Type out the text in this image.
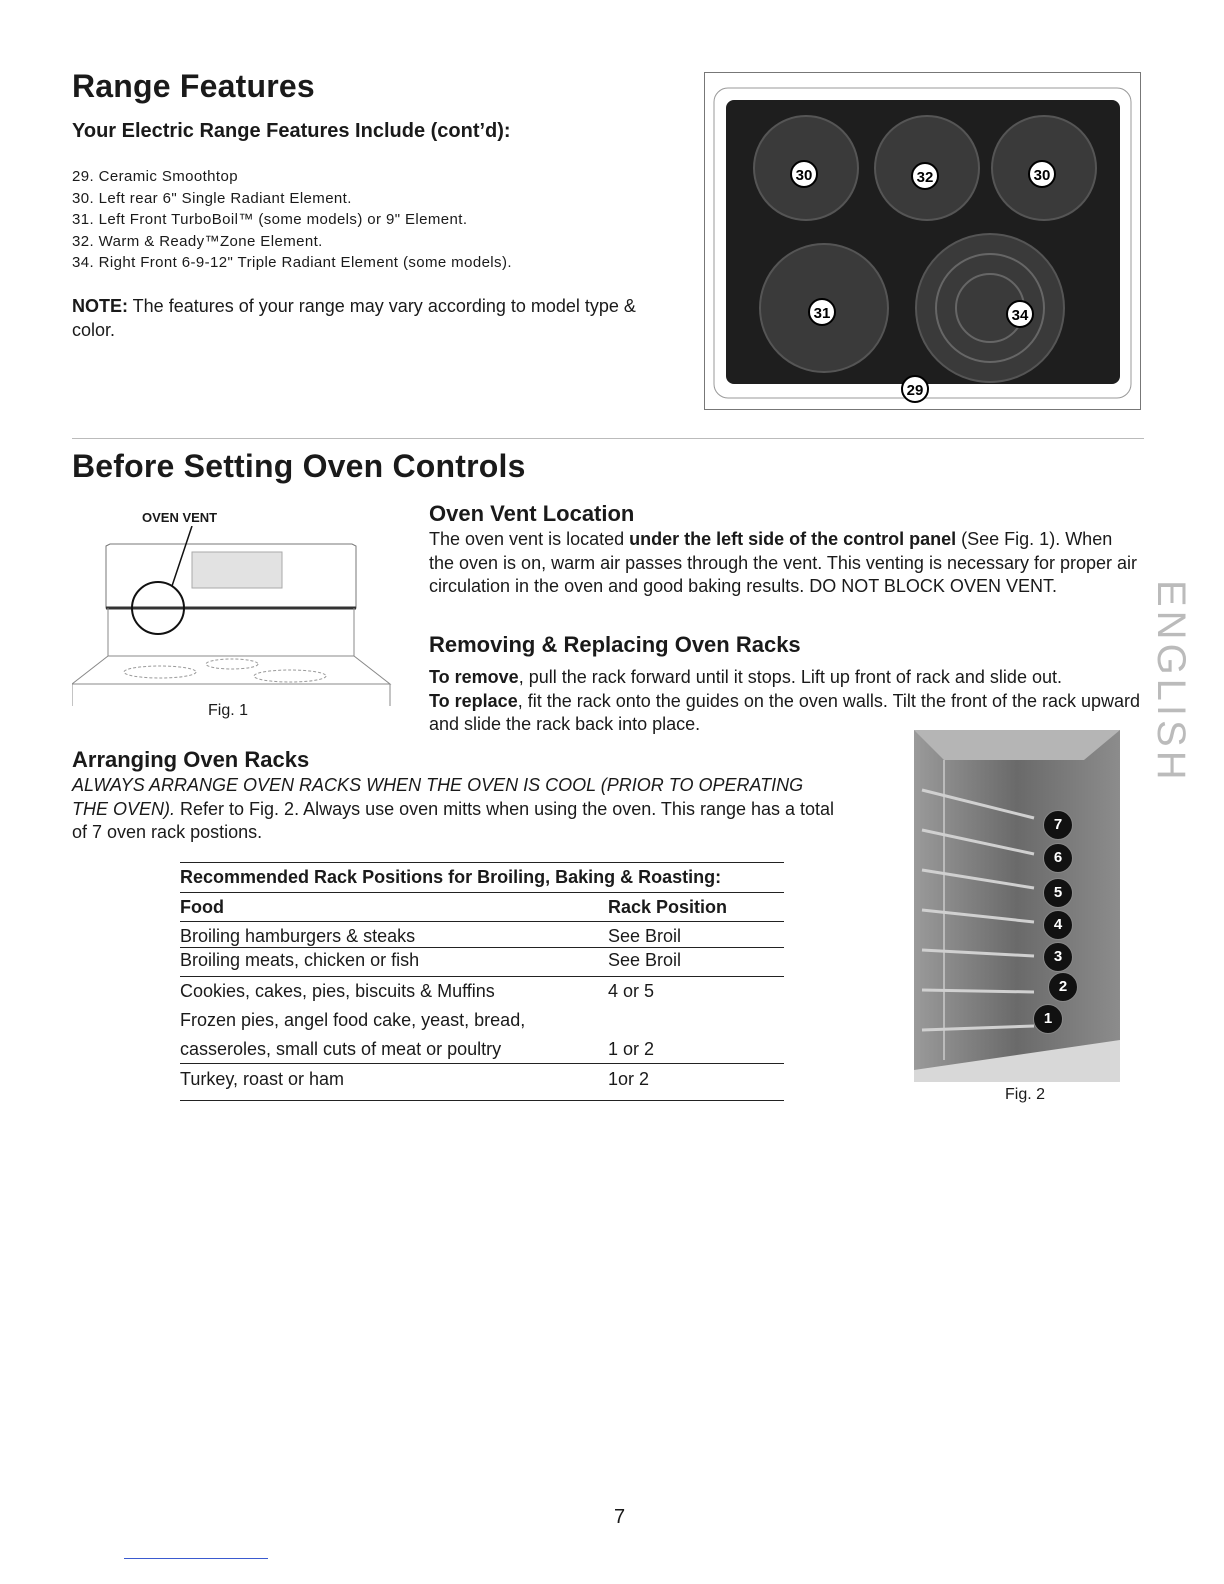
Range Features
Your Electric Range Features Include (cont’d):
29. Ceramic Smoothtop
30. Left rear 6" Single Radiant Element.
31. Left Front TurboBoil™ (some models) or 9" Element.
32. Warm & Ready™Zone Element.
34. Right Front 6-9-12" Triple Radiant Element (some models).
NOTE: The features of your range may vary according to model type & color.
30	32	30
31	34
29
Before Setting Oven Controls
OVEN VENT
Fig. 1
Oven Vent Location
The oven vent is located under the left side of the control panel (See Fig. 1). When the oven is on, warm air passes through the vent. This venting is necessary for proper air circulation in the oven and good baking results. DO NOT BLOCK OVEN VENT.
Removing & Replacing Oven Racks
To remove, pull the rack forward until it stops. Lift up front of rack and slide out.
To replace, fit the rack onto the guides on the oven walls. Tilt the front of the rack upward and slide the rack back into place.
Arranging Oven Racks
ALWAYS ARRANGE OVEN RACKS WHEN THE OVEN IS COOL (PRIOR TO OPERATING THE OVEN). Refer to Fig. 2. Always use oven mitts when using the oven. This range has a total of 7 oven rack postions.
Recommended Rack Positions for Broiling, Baking & Roasting:
Food	Rack Position
Broiling hamburgers & steaks	See Broil
Broiling meats, chicken or fish	See Broil
Cookies, cakes, pies, biscuits & Muffins	4 or 5
Frozen pies, angel food cake, yeast, bread,
casseroles, small cuts of meat or poultry	1 or 2
Turkey, roast or ham	1or 2
7
6
5
4
3
2
1
Fig. 2
ENGLISH
7
